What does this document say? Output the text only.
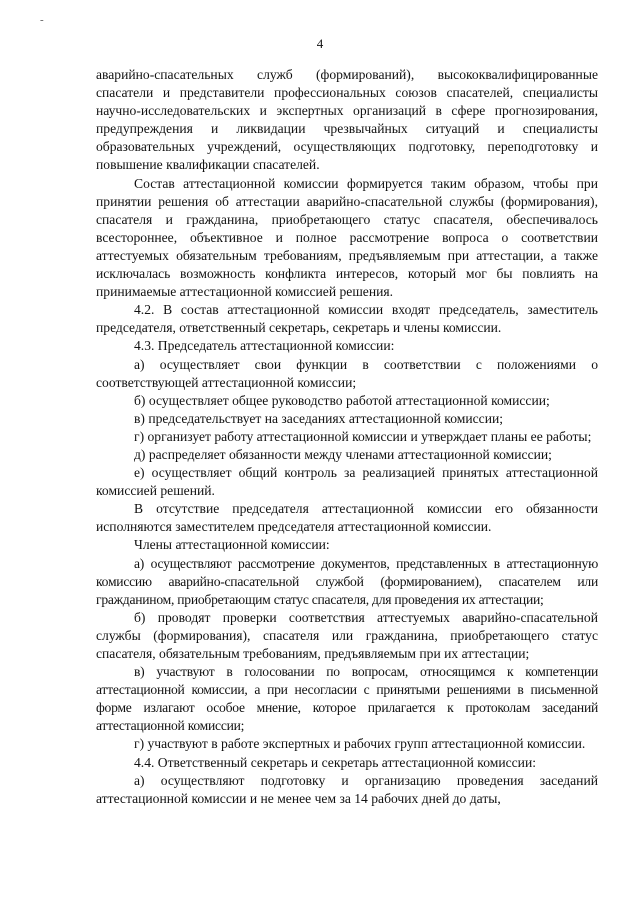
-
4

аварийно-спасательных служб (формирований), высококвалифицированные спасатели и представители профессиональных союзов спасателей, специалисты научно-исследовательских и экспертных организаций в сфере прогнозирования, предупреждения и ликвидации чрезвычайных ситуаций и специалисты образовательных учреждений, осуществляющих подготовку, переподготовку и повышение квалификации спасателей.

Состав аттестационной комиссии формируется таким образом, чтобы при принятии решения об аттестации аварийно-спасательной службы (формирования), спасателя и гражданина, приобретающего статус спасателя, обеспечивалось всестороннее, объективное и полное рассмотрение вопроса о соответствии аттестуемых обязательным требованиям, предъявляемым при аттестации, а также исключалась возможность конфликта интересов, который мог бы повлиять на принимаемые аттестационной комиссией решения.

4.2. В состав аттестационной комиссии входят председатель, заместитель председателя, ответственный секретарь, секретарь и члены комиссии.

4.3. Председатель аттестационной комиссии:

а) осуществляет свои функции в соответствии с положениями о соответствующей аттестационной комиссии;

б) осуществляет общее руководство работой аттестационной комиссии;

в) председательствует на заседаниях аттестационной комиссии;

г) организует работу аттестационной комиссии и утверждает планы ее работы;

д) распределяет обязанности между членами аттестационной комиссии;

е) осуществляет общий контроль за реализацией принятых аттестационной комиссией решений.

В отсутствие председателя аттестационной комиссии его обязанности исполняются заместителем председателя аттестационной комиссии.

Члены аттестационной комиссии:

а) осуществляют рассмотрение документов, представленных в аттестационную комиссию аварийно-спасательной службой (формированием), спасателем или гражданином, приобретающим статус спасателя, для проведения их аттестации;

б) проводят проверки соответствия аттестуемых аварийно-спасательной службы (формирования), спасателя или гражданина, приобретающего статус спасателя, обязательным требованиям, предъявляемым при их аттестации;

в) участвуют в голосовании по вопросам, относящимся к компетенции аттестационной комиссии, а при несогласии с принятыми решениями в письменной форме излагают особое мнение, которое прилагается к протоколам заседаний аттестационной комиссии;

г) участвуют в работе экспертных и рабочих групп аттестационной комиссии.

4.4. Ответственный секретарь и секретарь аттестационной комиссии:

а) осуществляют подготовку и организацию проведения заседаний аттестационной комиссии и не менее чем за 14 рабочих дней до даты,
